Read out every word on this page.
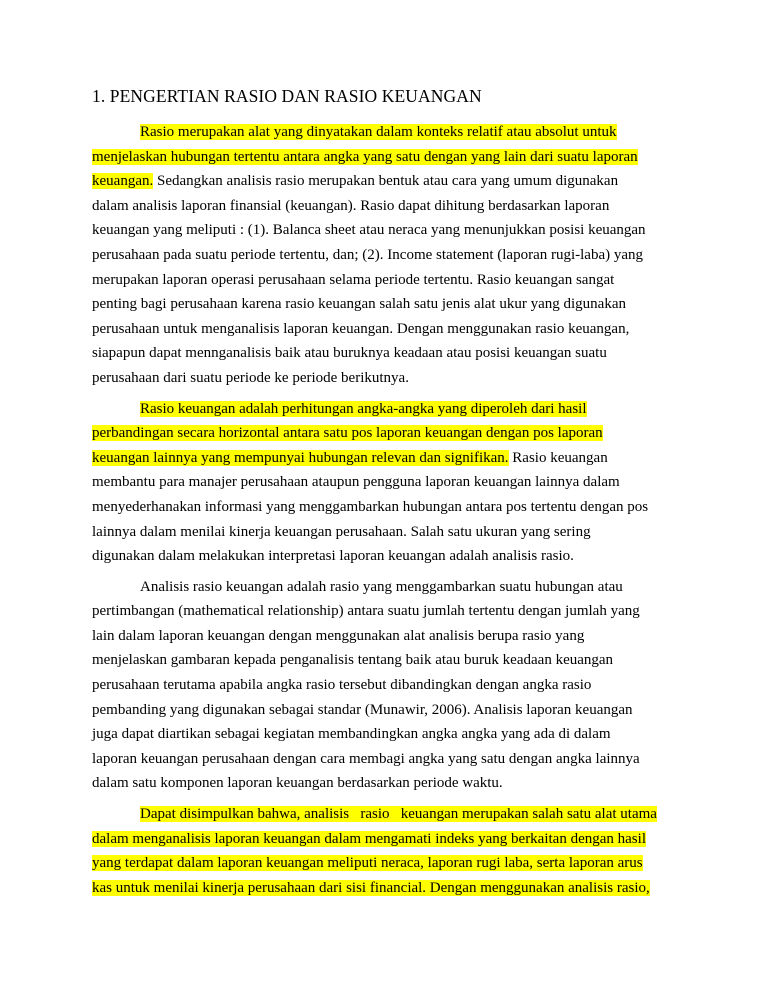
1. PENGERTIAN RASIO DAN RASIO KEUANGAN
Rasio merupakan alat yang dinyatakan dalam konteks relatif atau absolut untuk
menjelaskan hubungan tertentu antara angka yang satu dengan yang lain dari suatu laporan
keuangan. Sedangkan analisis rasio merupakan bentuk atau cara yang umum digunakan
dalam analisis laporan finansial (keuangan). Rasio dapat dihitung berdasarkan laporan
keuangan yang meliputi : (1). Balanca sheet atau neraca yang menunjukkan posisi keuangan
perusahaan pada suatu periode tertentu, dan; (2). Income statement (laporan rugi-laba) yang
merupakan laporan operasi perusahaan selama periode tertentu. Rasio keuangan sangat
penting bagi perusahaan karena rasio keuangan salah satu jenis alat ukur yang digunakan
perusahaan untuk menganalisis laporan keuangan. Dengan menggunakan rasio keuangan,
siapapun dapat mennganalisis baik atau buruknya keadaan atau posisi keuangan suatu
perusahaan dari suatu periode ke periode berikutnya.
Rasio keuangan adalah perhitungan angka-angka yang diperoleh dari hasil
perbandingan secara horizontal antara satu pos laporan keuangan dengan pos laporan
keuangan lainnya yang mempunyai hubungan relevan dan signifikan. Rasio keuangan
membantu para manajer perusahaan ataupun pengguna laporan keuangan lainnya dalam
menyederhanakan informasi yang menggambarkan hubungan antara pos tertentu dengan pos
lainnya dalam menilai kinerja keuangan perusahaan. Salah satu ukuran yang sering
digunakan dalam melakukan interpretasi laporan keuangan adalah analisis rasio.
Analisis rasio keuangan adalah rasio yang menggambarkan suatu hubungan atau
pertimbangan (mathematical relationship) antara suatu jumlah tertentu dengan jumlah yang
lain dalam laporan keuangan dengan menggunakan alat analisis berupa rasio yang
menjelaskan gambaran kepada penganalisis tentang baik atau buruk keadaan keuangan
perusahaan terutama apabila angka rasio tersebut dibandingkan dengan angka rasio
pembanding yang digunakan sebagai standar (Munawir, 2006). Analisis laporan keuangan
juga dapat diartikan sebagai kegiatan membandingkan angka angka yang ada di dalam
laporan keuangan perusahaan dengan cara membagi angka yang satu dengan angka lainnya
dalam satu komponen laporan keuangan berdasarkan periode waktu.
Dapat disimpulkan bahwa, analisis   rasio   keuangan merupakan salah satu alat utama
dalam menganalisis laporan keuangan dalam mengamati indeks yang berkaitan dengan hasil
yang terdapat dalam laporan keuangan meliputi neraca, laporan rugi laba, serta laporan arus
kas untuk menilai kinerja perusahaan dari sisi financial. Dengan menggunakan analisis rasio,
